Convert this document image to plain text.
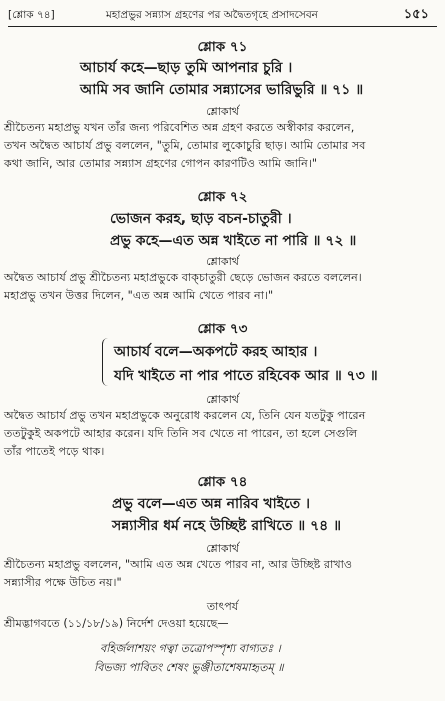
[শ্লোক ৭৪]	মহাপ্রভুর সন্ন্যাস গ্রহণের পর অদ্বৈতগৃহে প্রসাদসেবন	১৫১
শ্লোক ৭১
আচার্য কহে—ছাড় তুমি আপনার চুরি ।
আমি সব জানি তোমার সন্ন্যাসের ভারিভুরি ॥ ৭১ ॥
শ্লোকার্থ
শ্রীচৈতন্য মহাপ্রভু যখন তাঁর জন্য পরিবেশিত অন্ন গ্রহণ করতে অস্বীকার করলেন,
তখন অদ্বৈত আচার্য প্রভু বললেন, "তুমি, তোমার লুকোচুরি ছাড়। আমি তোমার সব
কথা জানি, আর তোমার সন্ন্যাস গ্রহণের গোপন কারণটিও আমি জানি।"
শ্লোক ৭২
ভোজন করহ, ছাড় বচন-চাতুরী ।
প্রভু কহে—এত অন্ন খাইতে না পারি ॥ ৭২ ॥
শ্লোকার্থ
অদ্বৈত আচার্য প্রভু শ্রীচৈতন্য মহাপ্রভুকে বাক্চাতুরী ছেড়ে ভোজন করতে বললেন।
মহাপ্রভু তখন উত্তর দিলেন, "এত অন্ন আমি খেতে পারব না।"
শ্লোক ৭৩
আচার্য বলে—অকপটে করহ আহার ।
যদি খাইতে না পার পাতে রহিবেক আর ॥ ৭৩ ॥
শ্লোকার্থ
অদ্বৈত আচার্য প্রভু তখন মহাপ্রভুকে অনুরোধ করলেন যে, তিনি যেন যতটুকু পারেন
ততটুকুই অকপটে আহার করেন। যদি তিনি সব খেতে না পারেন, তা হলে সেগুলি
তাঁর পাতেই পড়ে থাক।
শ্লোক ৭৪
প্রভু বলে—এত অন্ন নারিব খাইতে ।
সন্ন্যাসীর ধর্ম নহে উচ্ছিষ্ট রাখিতে ॥ ৭৪ ॥
শ্লোকার্থ
শ্রীচৈতন্য মহাপ্রভু বললেন, "আমি এত অন্ন খেতে পারব না, আর উচ্ছিষ্ট রাখাও
সন্ন্যাসীর পক্ষে উচিত নয়।"
তাৎপর্য
শ্রীমদ্ভাগবতে (১১/১৮/১৯) নির্দেশ দেওয়া হয়েছে—
বহির্জলাশয়ং গত্বা তত্রোপস্পৃশ্য বাগ্যতঃ ।
বিভজ্য পাবিতং শেষং ভুঞ্জীতাশেষমাহৃতম্ ॥
